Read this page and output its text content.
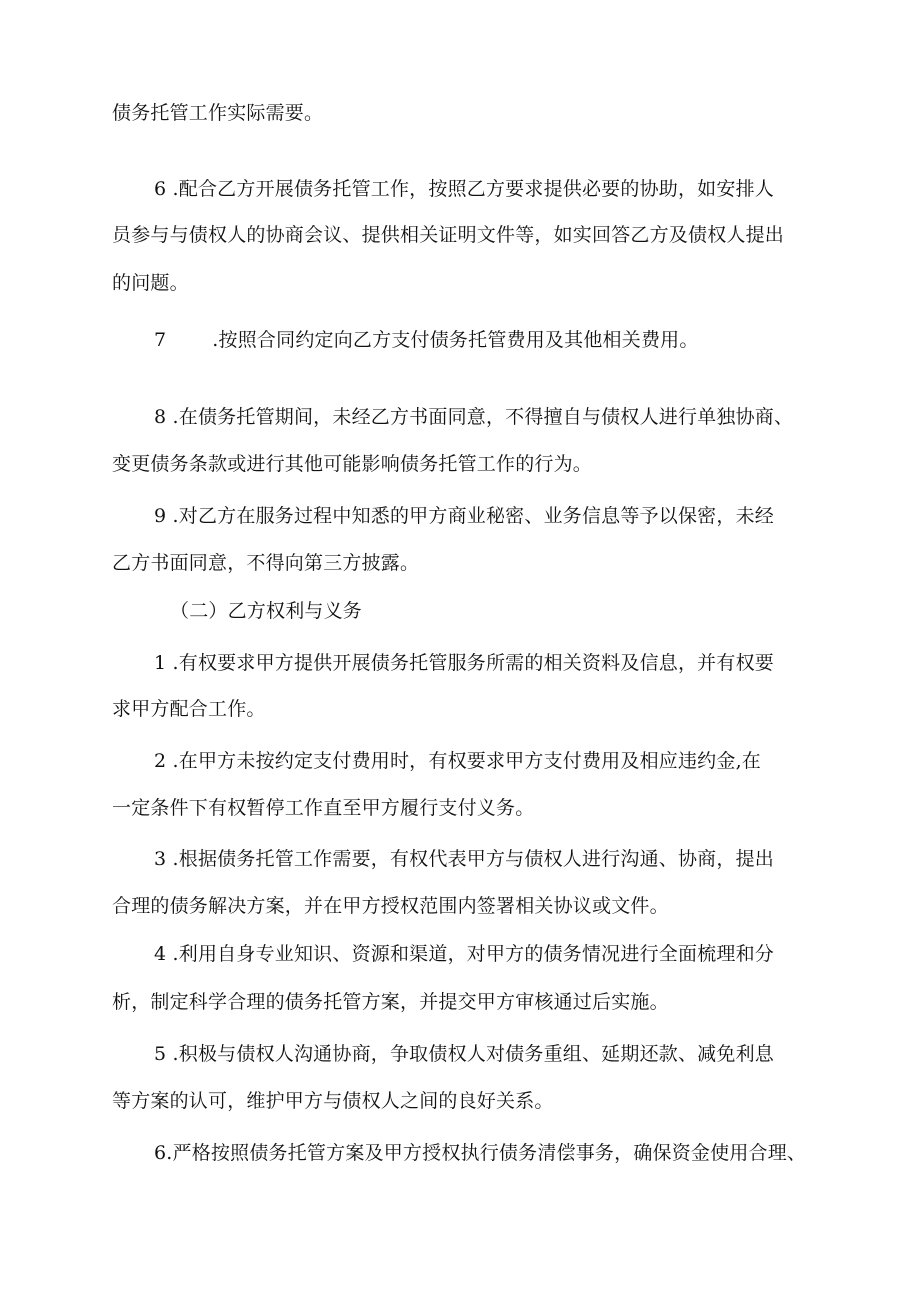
债务托管工作实际需要。
6 .配合乙方开展债务托管工作，按照乙方要求提供必要的协助，如安排人
员参与与债权人的协商会议、提供相关证明文件等，如实回答乙方及债权人提出
的问题。
7 .按照合同约定向乙方支付债务托管费用及其他相关费用。
8 .在债务托管期间，未经乙方书面同意，不得擅自与债权人进行单独协商、
变更债务条款或进行其他可能影响债务托管工作的行为。
9 .对乙方在服务过程中知悉的甲方商业秘密、业务信息等予以保密，未经
乙方书面同意，不得向第三方披露。
（二）乙方权利与义务
1 .有权要求甲方提供开展债务托管服务所需的相关资料及信息，并有权要
求甲方配合工作。
2 .在甲方未按约定支付费用时，有权要求甲方支付费用及相应违约金,在
一定条件下有权暂停工作直至甲方履行支付义务。
3 .根据债务托管工作需要，有权代表甲方与债权人进行沟通、协商，提出
合理的债务解决方案，并在甲方授权范围内签署相关协议或文件。
4 .利用自身专业知识、资源和渠道，对甲方的债务情况进行全面梳理和分
析，制定科学合理的债务托管方案，并提交甲方审核通过后实施。
5 .积极与债权人沟通协商，争取债权人对债务重组、延期还款、减免利息
等方案的认可，维护甲方与债权人之间的良好关系。
6.严格按照债务托管方案及甲方授权执行债务清偿事务，确保资金使用合理、
